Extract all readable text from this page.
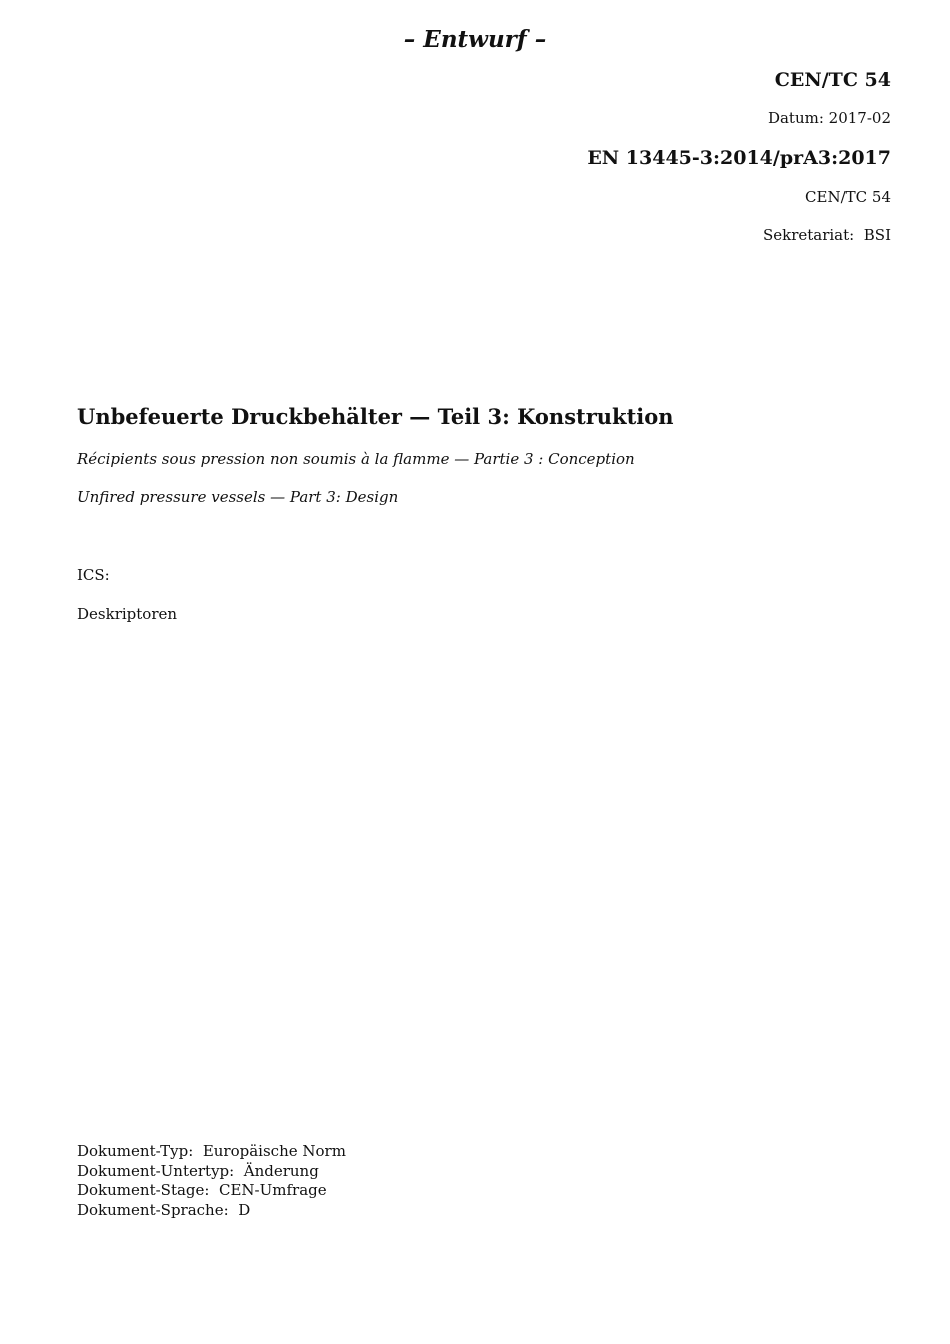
– Entwurf –
CEN/TC 54
Datum: 2017-02
EN 13445-3:2014/prA3:2017
CEN/TC 54
Sekretariat: BSI
Unbefeuerte Druckbehälter — Teil 3: Konstruktion
Récipients sous pression non soumis à la flamme — Partie 3 : Conception
Unfired pressure vessels — Part 3: Design
ICS:
Deskriptoren
Dokument-Typ: Europäische Norm
Dokument-Untertyp: Änderung
Dokument-Stage: CEN-Umfrage
Dokument-Sprache: D
